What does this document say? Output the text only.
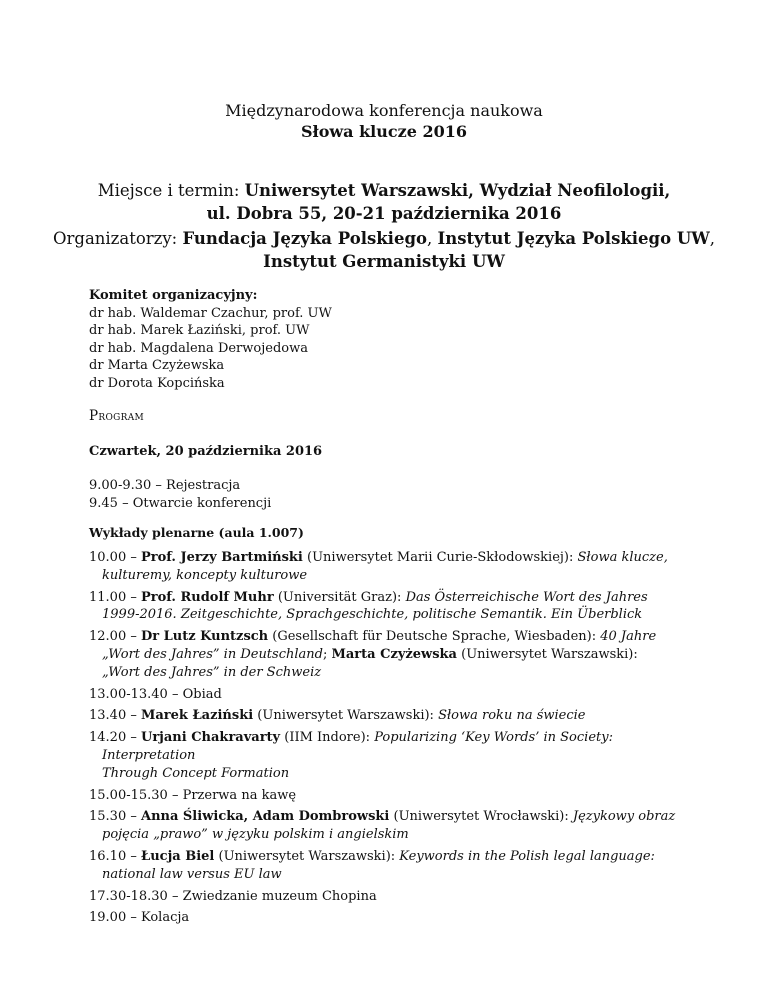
Międzynarodowa konferencja naukowa
Słowa klucze 2016
Miejsce i termin: Uniwersytet Warszawski, Wydział Neofilologii,
ul. Dobra 55, 20-21 października 2016
Organizatorzy: Fundacja Języka Polskiego, Instytut Języka Polskiego UW,
Instytut Germanistyki UW
Komitet organizacyjny:
dr hab. Waldemar Czachur, prof. UW
dr hab. Marek Łaziński, prof. UW
dr hab. Magdalena Derwojedowa
dr Marta Czyżewska
dr Dorota Kopcińska
Program
Czwartek, 20 października 2016
9.00-9.30 – Rejestracja
9.45 – Otwarcie konferencji
Wykłady plenarne (aula 1.007)
10.00 – Prof. Jerzy Bartmiński (Uniwersytet Marii Curie-Skłodowskiej): Słowa klucze,
kulturemy, koncepty kulturowe
11.00 – Prof. Rudolf Muhr (Universität Graz): Das Österreichische Wort des Jahres
1999-2016. Zeitgeschichte, Sprachgeschichte, politische Semantik. Ein Überblick
12.00 – Dr Lutz Kuntzsch (Gesellschaft für Deutsche Sprache, Wiesbaden): 40 Jahre
„Wort des Jahres” in Deutschland; Marta Czyżewska (Uniwersytet Warszawski):
„Wort des Jahres” in der Schweiz
13.00-13.40 – Obiad
13.40 – Marek Łaziński (Uniwersytet Warszawski): Słowa roku na świecie
14.20 – Urjani Chakravarty (IIM Indore): Popularizing ‘Key Words’ in Society: Interpretation
Through Concept Formation
15.00-15.30 – Przerwa na kawę
15.30 – Anna Śliwicka, Adam Dombrowski (Uniwersytet Wrocławski): Językowy obraz
pojęcia „prawo” w języku polskim i angielskim
16.10 – Łucja Biel (Uniwersytet Warszawski): Keywords in the Polish legal language:
national law versus EU law
17.30-18.30 – Zwiedzanie muzeum Chopina
19.00 – Kolacja
